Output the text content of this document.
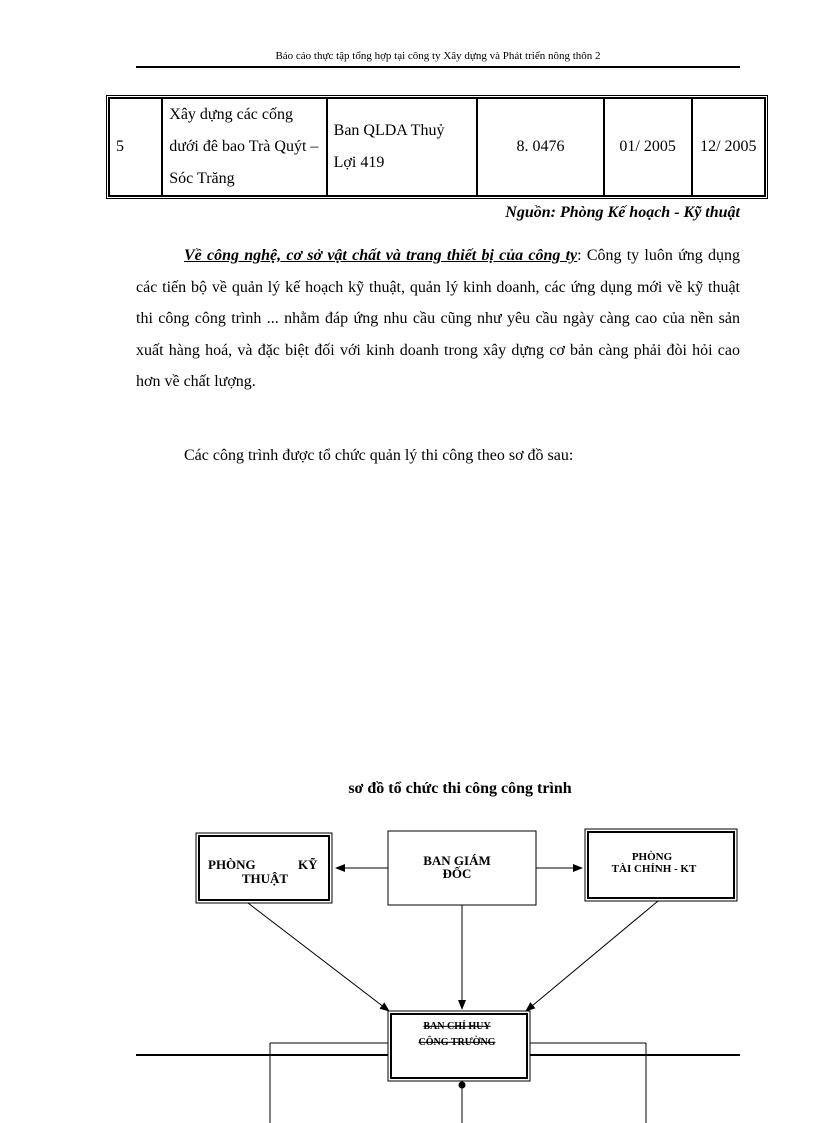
Báo cáo thực tập tổng hợp tại công ty Xây dựng và Phát triển nông thôn 2
5	Xây dựng các cống dưới đê bao Trà Quýt – Sóc Trăng	Ban QLDA Thuỷ Lợi 419	8. 0476	01/ 2005	12/ 2005
Nguồn: Phòng Kế hoạch - Kỹ thuật

Về công nghệ, cơ sở vật chất và trang thiết bị của công ty: Công ty luôn ứng dụng các tiến bộ về quản lý kế hoạch kỹ thuật, quản lý kinh doanh, các ứng dụng mới về kỹ thuật thi công công trình ... nhằm đáp ứng nhu cầu cũng như yêu cầu ngày càng cao của nền sản xuất hàng hoá, và đặc biệt đối với kinh doanh trong xây dựng cơ bản càng phải đòi hỏi cao hơn về chất lượng.

Các công trình được tổ chức quản lý thi công theo sơ đồ sau:

sơ đồ tổ chức thi công công trình
PHÒNG	KỸ
THUẬT
BAN GIÁM
ĐỐC
PHÒNG
TÀI CHÍNH - KT
BAN CHỈ HUY
CÔNG TRƯỜNG
